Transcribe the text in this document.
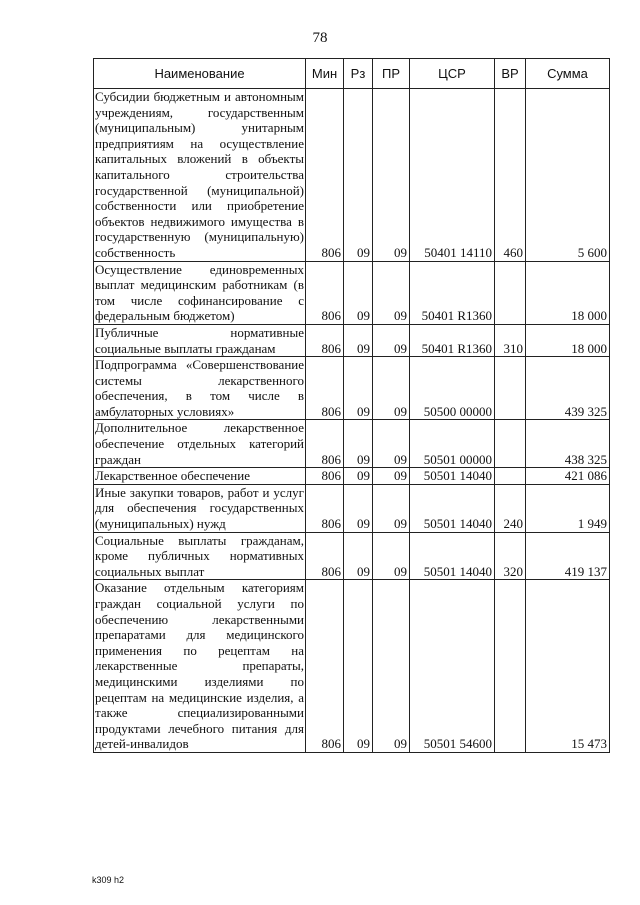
78
Наименование	Мин	Рз	ПР	ЦСР	ВР	Сумма
Субсидии бюджетным и автономным учреждениям, государственным (муниципальным) унитарным предприятиям на осуществление капитальных вложений в объекты капитального строительства государственной (муниципальной) собственности или приобретение объектов недвижимого имущества в государственную (муниципальную) собственность	806	09	09	50401 14110	460	5 600
Осуществление единовременных выплат медицинским работникам (в том числе софинансирование с федеральным бюджетом)	806	09	09	50401 R1360		18 000
Публичные нормативные социальные выплаты гражданам	806	09	09	50401 R1360	310	18 000
Подпрограмма «Совершенствование системы лекарственного обеспечения, в том числе в амбулаторных условиях»	806	09	09	50500 00000		439 325
Дополнительное лекарственное обеспечение отдельных категорий граждан	806	09	09	50501 00000		438 325
Лекарственное обеспечение	806	09	09	50501 14040		421 086
Иные закупки товаров, работ и услуг для обеспечения государственных (муниципальных) нужд	806	09	09	50501 14040	240	1 949
Социальные выплаты гражданам, кроме публичных нормативных социальных выплат	806	09	09	50501 14040	320	419 137
Оказание отдельным категориям граждан социальной услуги по обеспечению лекарственными препаратами для медицинского применения по рецептам на лекарственные препараты, медицинскими изделиями по рецептам на медицинские изделия, а также специализированными продуктами лечебного питания для детей-инвалидов	806	09	09	50501 54600		15 473
k309 h2
